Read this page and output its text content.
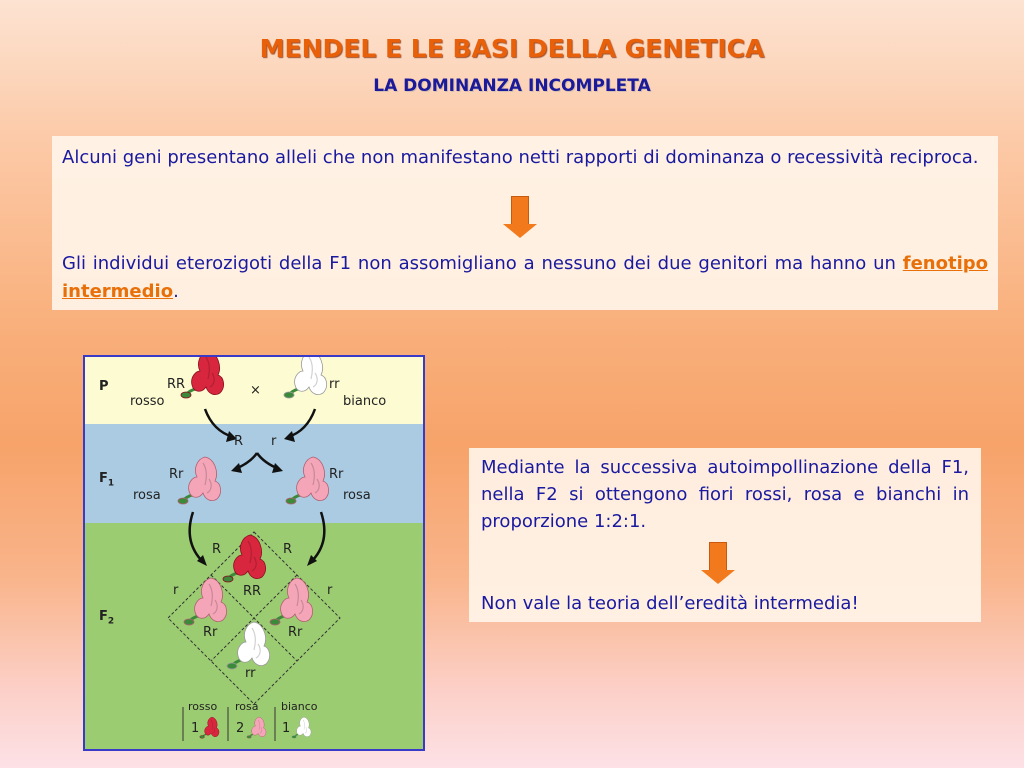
MENDEL E LE BASI DELLA GENETICA
LA DOMINANZA INCOMPLETA

Alcuni geni presentano alleli che non manifestano netti rapporti di dominanza o recessività reciproca.

Gli individui eterozigoti della F1 non assomigliano a nessuno dei due genitori ma hanno un fenotipo intermedio.

P
$F_1$
$F_2$
RR
rosso
×	rr
bianco
R r
Rr
rosa
Rr
rosa
R	R
r	r
RR
Rr	Rr
rr
rosso
1
rosa
2
bianco
1

Mediante la successiva autoimpollinazione della F1, nella F2 si ottengono fiori rossi, rosa e bianchi in proporzione 1:2:1.

Non vale la teoria dell’eredità intermedia!
